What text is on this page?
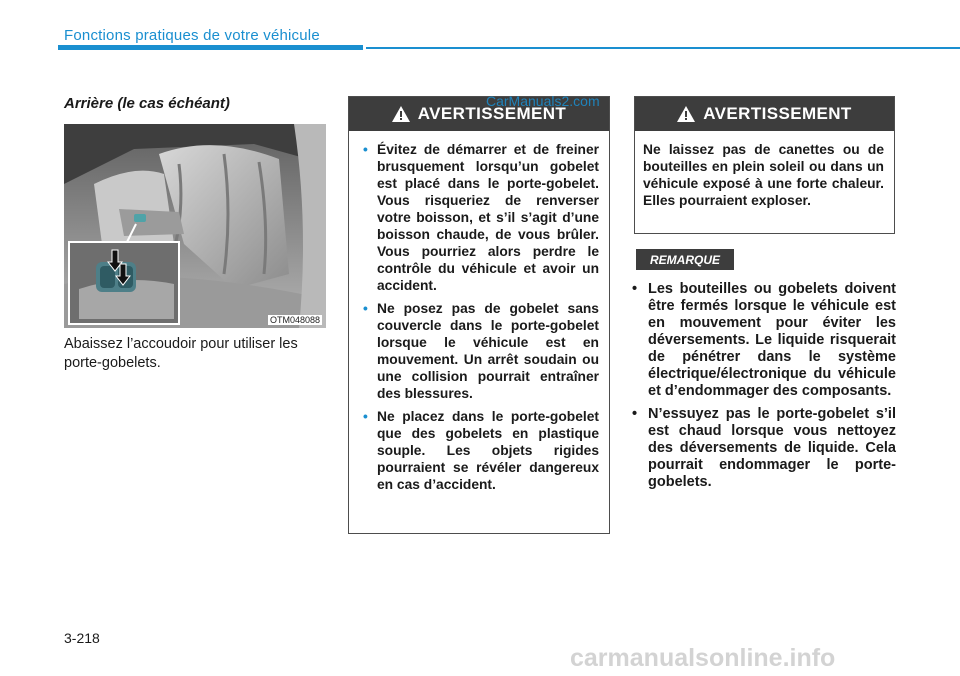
Fonctions pratiques de votre véhicule
Arrière (le cas échéant)
OTM048088
Abaissez l’accoudoir pour utiliser les porte-gobelets.
AVERTISSEMENT

• Évitez de démarrer et de freiner brusquement lorsqu’un gobelet est placé dans le porte-gobelet. Vous risqueriez de renverser votre boisson, et s’il s’agit d’une boisson chaude, de vous brûler. Vous pourriez alors perdre le contrôle du véhicule et avoir un accident.

• Ne posez pas de gobelet sans couvercle dans le porte-gobelet lorsque le véhicule est en mouvement. Un arrêt soudain ou une collision pourrait entraîner des blessures.

• Ne placez dans le porte-gobelet que des gobelets en plastique souple. Les objets rigides pourraient se révéler dangereux en cas d’accident.

CarManuals2.com
AVERTISSEMENT
Ne laissez pas de canettes ou de bouteilles en plein soleil ou dans un véhicule exposé à une forte chaleur. Elles pourraient exploser.
REMARQUE

• Les bouteilles ou gobelets doivent être fermés lorsque le véhicule est en mouvement pour éviter les déversements. Le liquide risquerait de pénétrer dans le système électrique/électronique du véhicule et d’endommager des composants.

• N’essuyez pas le porte-gobelet s’il est chaud lorsque vous nettoyez des déversements de liquide. Cela pourrait endommager le porte-gobelets.

3-218
carmanualsonline.info
